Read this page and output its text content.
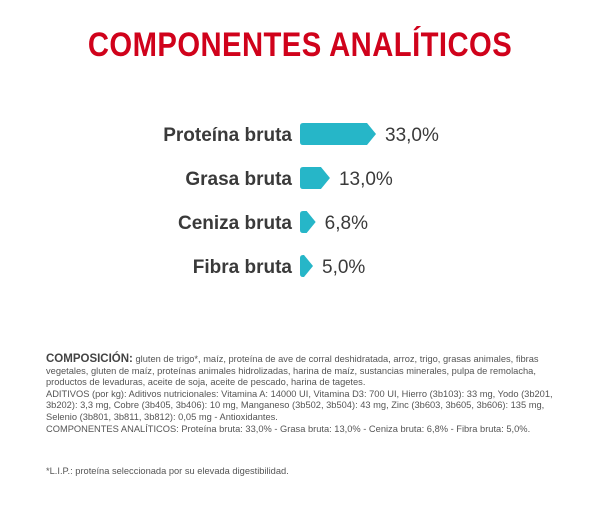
COMPONENTES ANALÍTICOS
Proteína bruta	33,0%
Grasa bruta 13,0%
Ceniza bruta 6,8%
Fibra bruta 5,0%

COMPOSICIÓN: gluten de trigo*, maíz, proteína de ave de corral deshidratada, arroz, trigo, grasas animales, fibras vegetales, gluten de maíz, proteínas animales hidrolizadas, harina de maíz, sustancias minerales, pulpa de remolacha, productos de levaduras, aceite de soja, aceite de pescado, harina de tagetes.

ADITIVOS (por kg): Aditivos nutricionales: Vitamina A: 14000 UI, Vitamina D3: 700 UI, Hierro (3b103): 33 mg, Yodo (3b201, 3b202): 3,3 mg, Cobre (3b405, 3b406): 10 mg, Manganeso (3b502, 3b504): 43 mg, Zinc (3b603, 3b605, 3b606): 135 mg, Selenio (3b801, 3b811, 3b812): 0,05 mg - Antioxidantes.

COMPONENTES ANALÍTICOS: Proteína bruta: 33,0% - Grasa bruta: 13,0% - Ceniza bruta: 6,8% - Fibra bruta: 5,0%.

*L.I.P.: proteína seleccionada por su elevada digestibilidad.
